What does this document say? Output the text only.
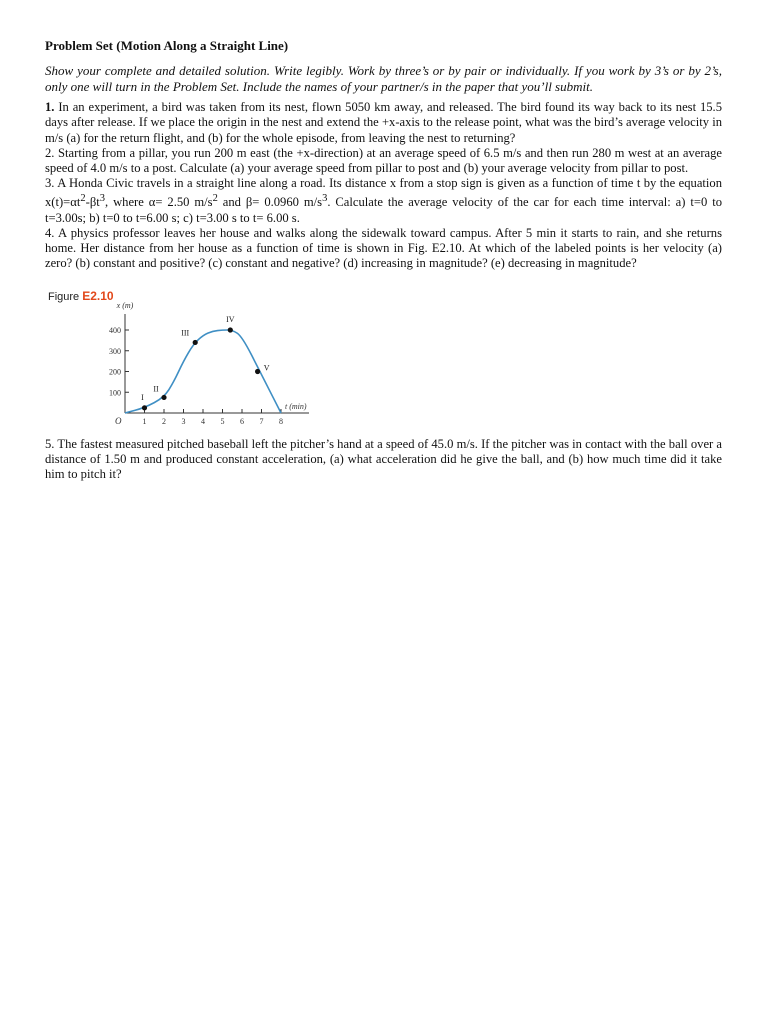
Problem Set (Motion Along a Straight Line)

Show your complete and detailed solution. Write legibly. Work by three’s or by pair or individually. If you work by 3’s or by 2’s, only one will turn in the Problem Set. Include the names of your partner/s in the paper that you’ll submit.

1. In an experiment, a bird was taken from its nest, flown 5050 km away, and released. The bird found its way back to its nest 15.5 days after release. If we place the origin in the nest and extend the +x-axis to the release point, what was the bird’s average velocity in m/s (a) for the return flight, and (b) for the whole episode, from leaving the nest to returning?

2. Starting from a pillar, you run 200 m east (the +x-direction) at an average speed of 6.5 m/s and then run 280 m west at an average speed of 4.0 m/s to a post. Calculate (a) your average speed from pillar to post and (b) your average velocity from pillar to post.

3. A Honda Civic travels in a straight line along a road. Its distance x from a stop sign is given as a function of time t by the equation $x(t)=\alpha t^2-\beta t^3$, where α= 2.50 $m/s^2$ and β= 0.0960 $m/s^3$. Calculate the average velocity of the car for each time interval: a) t=0 to t=3.00s; b) t=0 to t=6.00 s; c) t=3.00 s to t= 6.00 s.

4. A physics professor leaves her house and walks along the sidewalk toward campus. After 5 min it starts to rain, and she returns home. Her distance from her house as a function of time is shown in Fig. E2.10. At which of the labeled points is her velocity (a) zero? (b) constant and positive? (c) constant and negative? (d) increasing in magnitude? (e) decreasing in magnitude?

Figure E2.10
x (m)
t (min)
O
100
200
300
400
1 2 3 4 5 6 7 8
I
II
III
IV
V

5. The fastest measured pitched baseball left the pitcher’s hand at a speed of 45.0 m/s. If the pitcher was in contact with the ball over a distance of 1.50 m and produced constant acceleration, (a) what acceleration did he give the ball, and (b) how much time did it take him to pitch it?
